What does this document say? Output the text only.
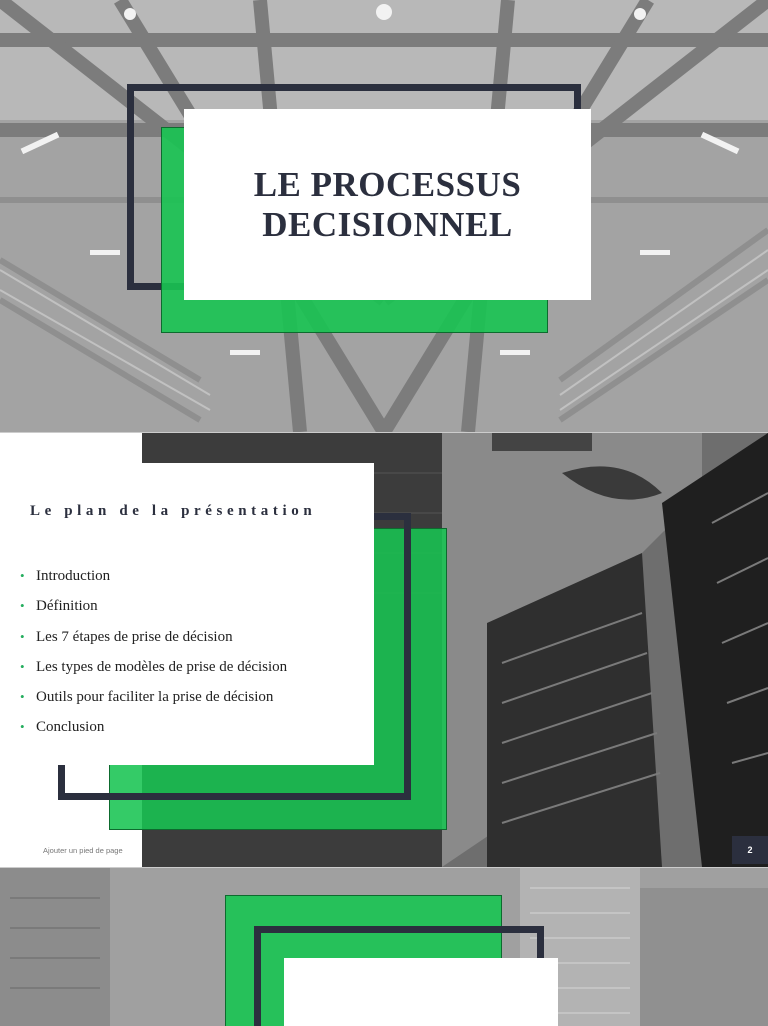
LE PROCESSUS
DECISIONNEL
Le plan de la présentation
• Introduction
• Définition
• Les 7 étapes de prise de décision
• Les types de modèles de prise de décision
• Outils pour faciliter la prise de décision
• Conclusion
Ajouter un pied de page	2
